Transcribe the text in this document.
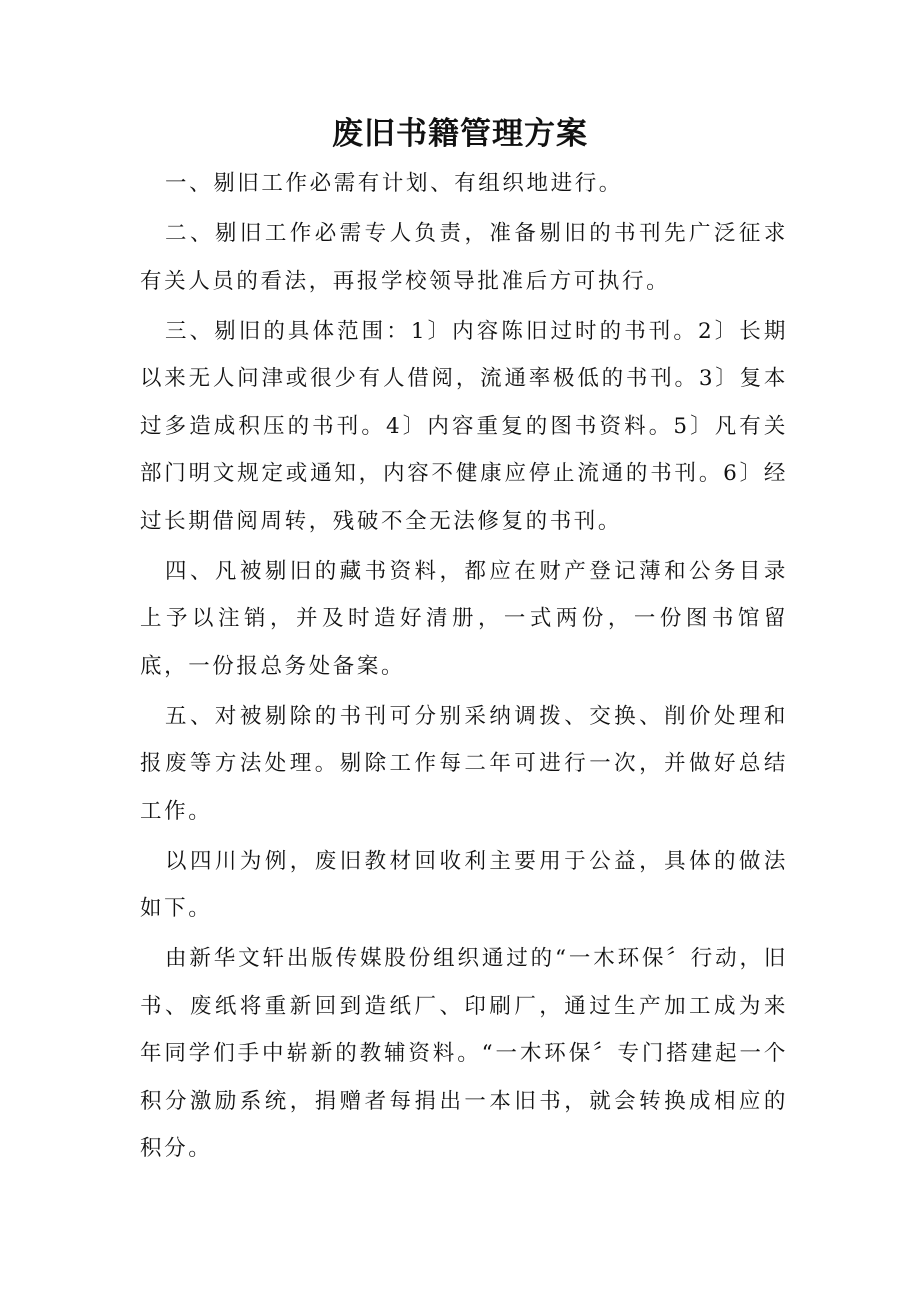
废旧书籍管理方案

一、剔旧工作必需有计划、有组织地进行。

二、剔旧工作必需专人负责，准备剔旧的书刊先广泛征求有关人员的看法，再报学校领导批准后方可执行。

三、剔旧的具体范围：1〕内容陈旧过时的书刊。2〕长期以来无人问津或很少有人借阅，流通率极低的书刊。3〕复本过多造成积压的书刊。4〕内容重复的图书资料。5〕凡有关部门明文规定或通知，内容不健康应停止流通的书刊。6〕经过长期借阅周转，残破不全无法修复的书刊。

四、凡被剔旧的藏书资料，都应在财产登记薄和公务目录上予以注销，并及时造好清册，一式两份，一份图书馆留底，一份报总务处备案。

五、对被剔除的书刊可分别采纳调拨、交换、削价处理和报废等方法处理。剔除工作每二年可进行一次，并做好总结工作。

以四川为例，废旧教材回收利主要用于公益，具体的做法如下。

由新华文轩出版传媒股份组织通过的“一木环保〞行动，旧书、废纸将重新回到造纸厂、印刷厂，通过生产加工成为来年同学们手中崭新的教辅资料。“一木环保〞专门搭建起一个积分激励系统，捐赠者每捐出一本旧书，就会转换成相应的积分。
